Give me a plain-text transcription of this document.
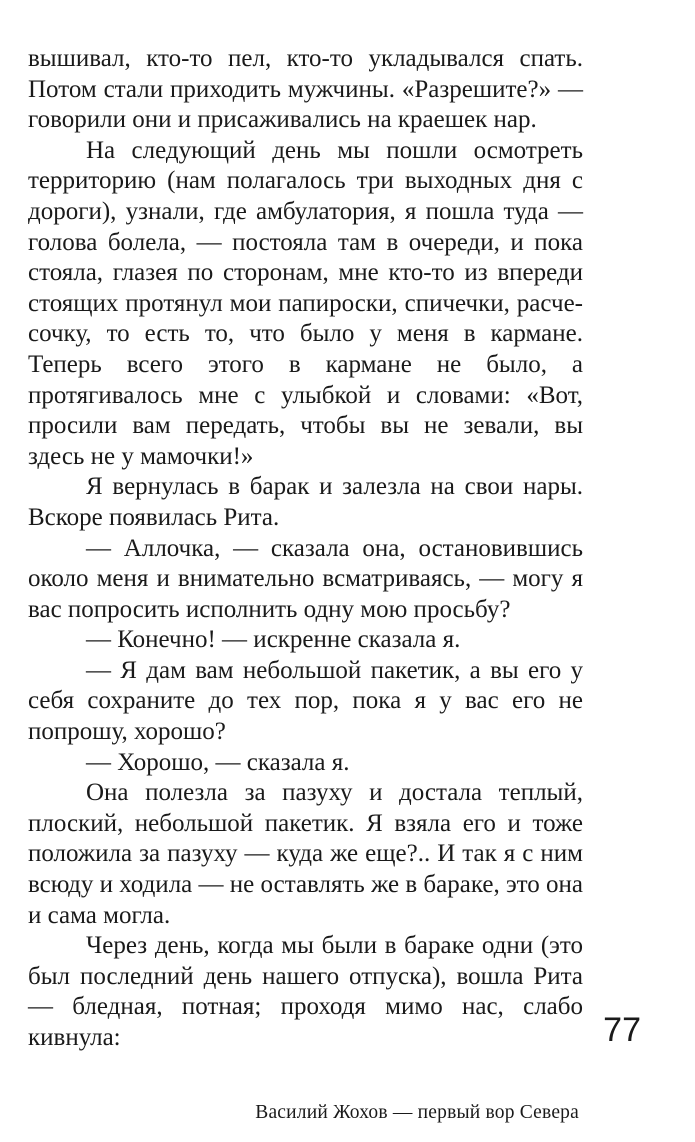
вышивал, кто-то пел, кто-то укладывался спать. Потом стали приходить мужчины. «Разрешите?» — говорили они и присаживались на краешек нар.

На следующий день мы пошли осмотреть территорию (нам полагалось три выходных дня с дороги), узнали, где амбулатория, я пошла туда — голова болела, — постояла там в очереди, и пока стояла, глазея по сторонам, мне кто-то из впереди стоящих протянул мои папироски, спичечки, расчесочку, то есть то, что было у меня в кармане. Теперь всего этого в кармане не было, а протягивалось мне с улыбкой и словами: «Вот, просили вам передать, чтобы вы не зевали, вы здесь не у мамочки!»

Я вернулась в барак и залезла на свои нары. Вскоре появилась Рита.

— Аллочка, — сказала она, остановившись около меня и внимательно всматриваясь, — могу я вас попросить исполнить одну мою просьбу?

— Конечно! — искренне сказала я.

— Я дам вам небольшой пакетик, а вы его у себя сохраните до тех пор, пока я у вас его не попрошу, хорошо?

— Хорошо, — сказала я.

Она полезла за пазуху и достала теплый, плоский, небольшой пакетик. Я взяла его и тоже положила за пазуху — куда же еще?.. И так я с ним всюду и ходила — не оставлять же в бараке, это она и сама могла.

Через день, когда мы были в бараке одни (это был последний день нашего отпуска), вошла Рита — бледная, потная; проходя мимо нас, слабо кивнула:	77
Василий Жохов — первый вор Севера
